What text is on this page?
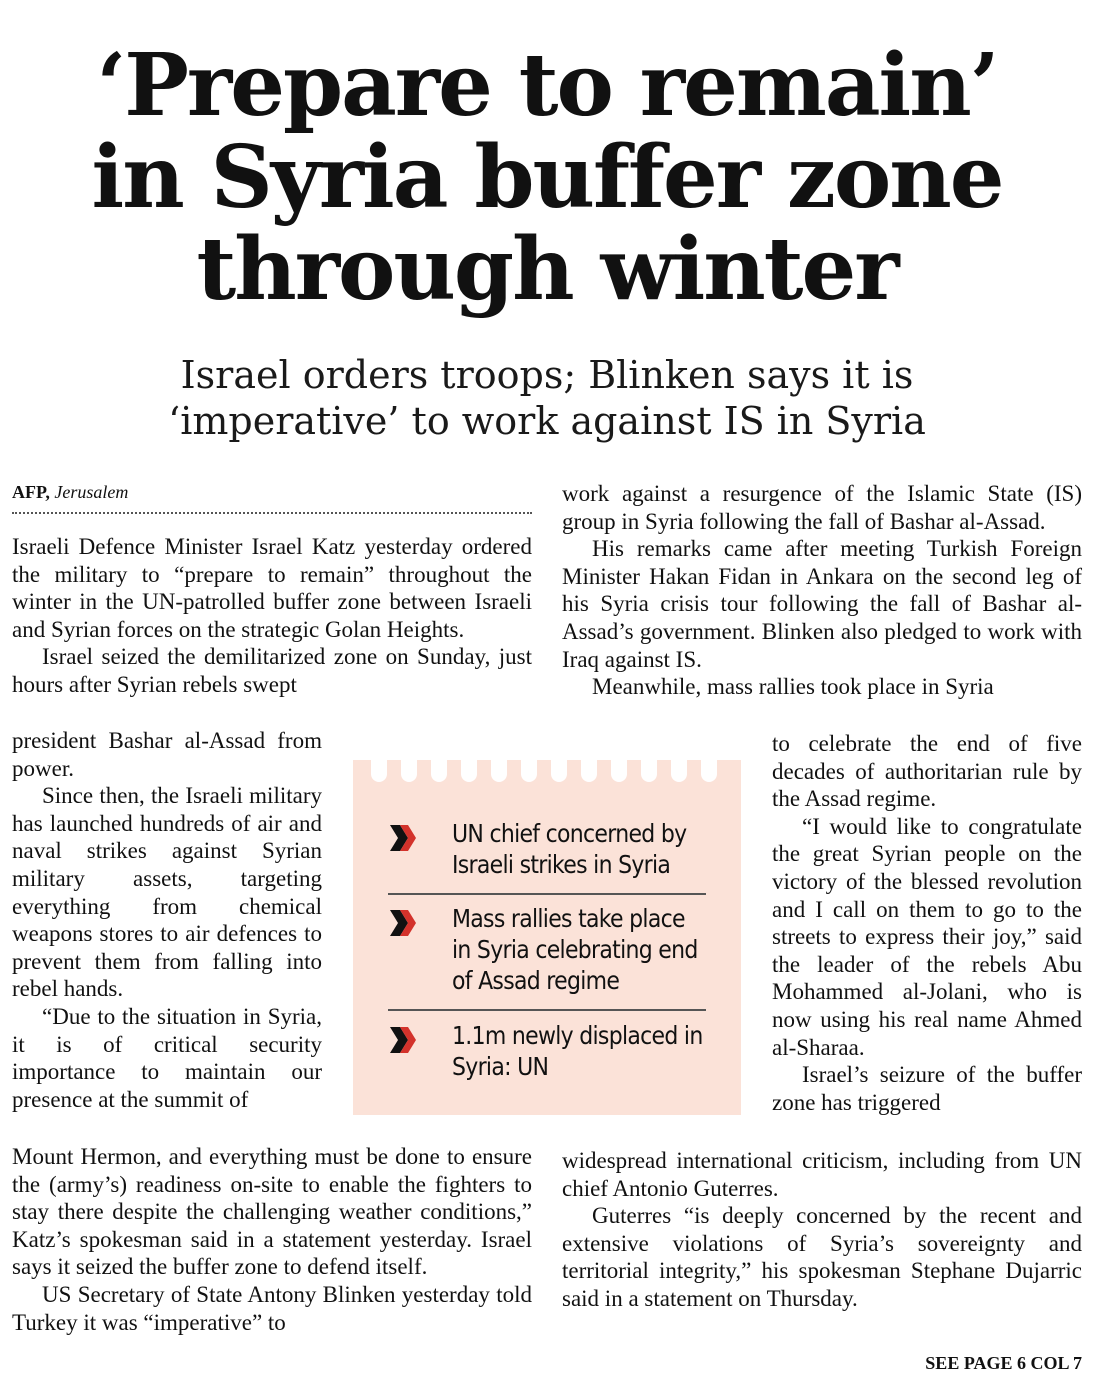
‘Prepare to remain’
in Syria buffer zone
through winter
Israel orders troops; Blinken says it is
‘imperative’ to work against IS in Syria
AFP, Jerusalem

Israeli Defence Minister Israel Katz yesterday ordered the military to “prepare to remain” throughout the winter in the UN-patrolled buffer zone between Israeli and Syrian forces on the strategic Golan Heights.

Israel seized the demilitarized zone on Sunday, just hours after Syrian rebels swept

president Bashar al-Assad from power.

Since then, the Israeli military has launched hundreds of air and naval strikes against Syrian military assets, targeting everything from chemical weapons stores to air defences to prevent them from falling into rebel hands.

“Due to the situation in Syria, it is of critical security importance to maintain our presence at the summit of

Mount Hermon, and everything must be done to ensure the (army’s) readiness on-site to enable the fighters to stay there despite the challenging weather conditions,” Katz’s spokesman said in a statement yesterday. Israel says it seized the buffer zone to defend itself.

US Secretary of State Antony Blinken yesterday told Turkey it was “imperative” to

work against a resurgence of the Islamic State (IS) group in Syria following the fall of Bashar al-Assad.

His remarks came after meeting Turkish Foreign Minister Hakan Fidan in Ankara on the second leg of his Syria crisis tour following the fall of Bashar al-Assad’s government. Blinken also pledged to work with Iraq against IS.

Meanwhile, mass rallies took place in Syria

to celebrate the end of five decades of authoritarian rule by the Assad regime.

“I would like to congratulate the great Syrian people on the victory of the blessed revolution and I call on them to go to the streets to express their joy,” said the leader of the rebels Abu Mohammed al-Jolani, who is now using his real name Ahmed al-Sharaa.

Israel’s seizure of the buffer zone has triggered

widespread international criticism, including from UN chief Antonio Guterres.

Guterres “is deeply concerned by the recent and extensive violations of Syria’s sovereignty and territorial integrity,” his spokesman Stephane Dujarric said in a statement on Thursday.

UN chief concerned by Israeli strikes in Syria
Mass rallies take place in Syria celebrating end of Assad regime
1.1m newly displaced in Syria: UN
SEE PAGE 6 COL 7
